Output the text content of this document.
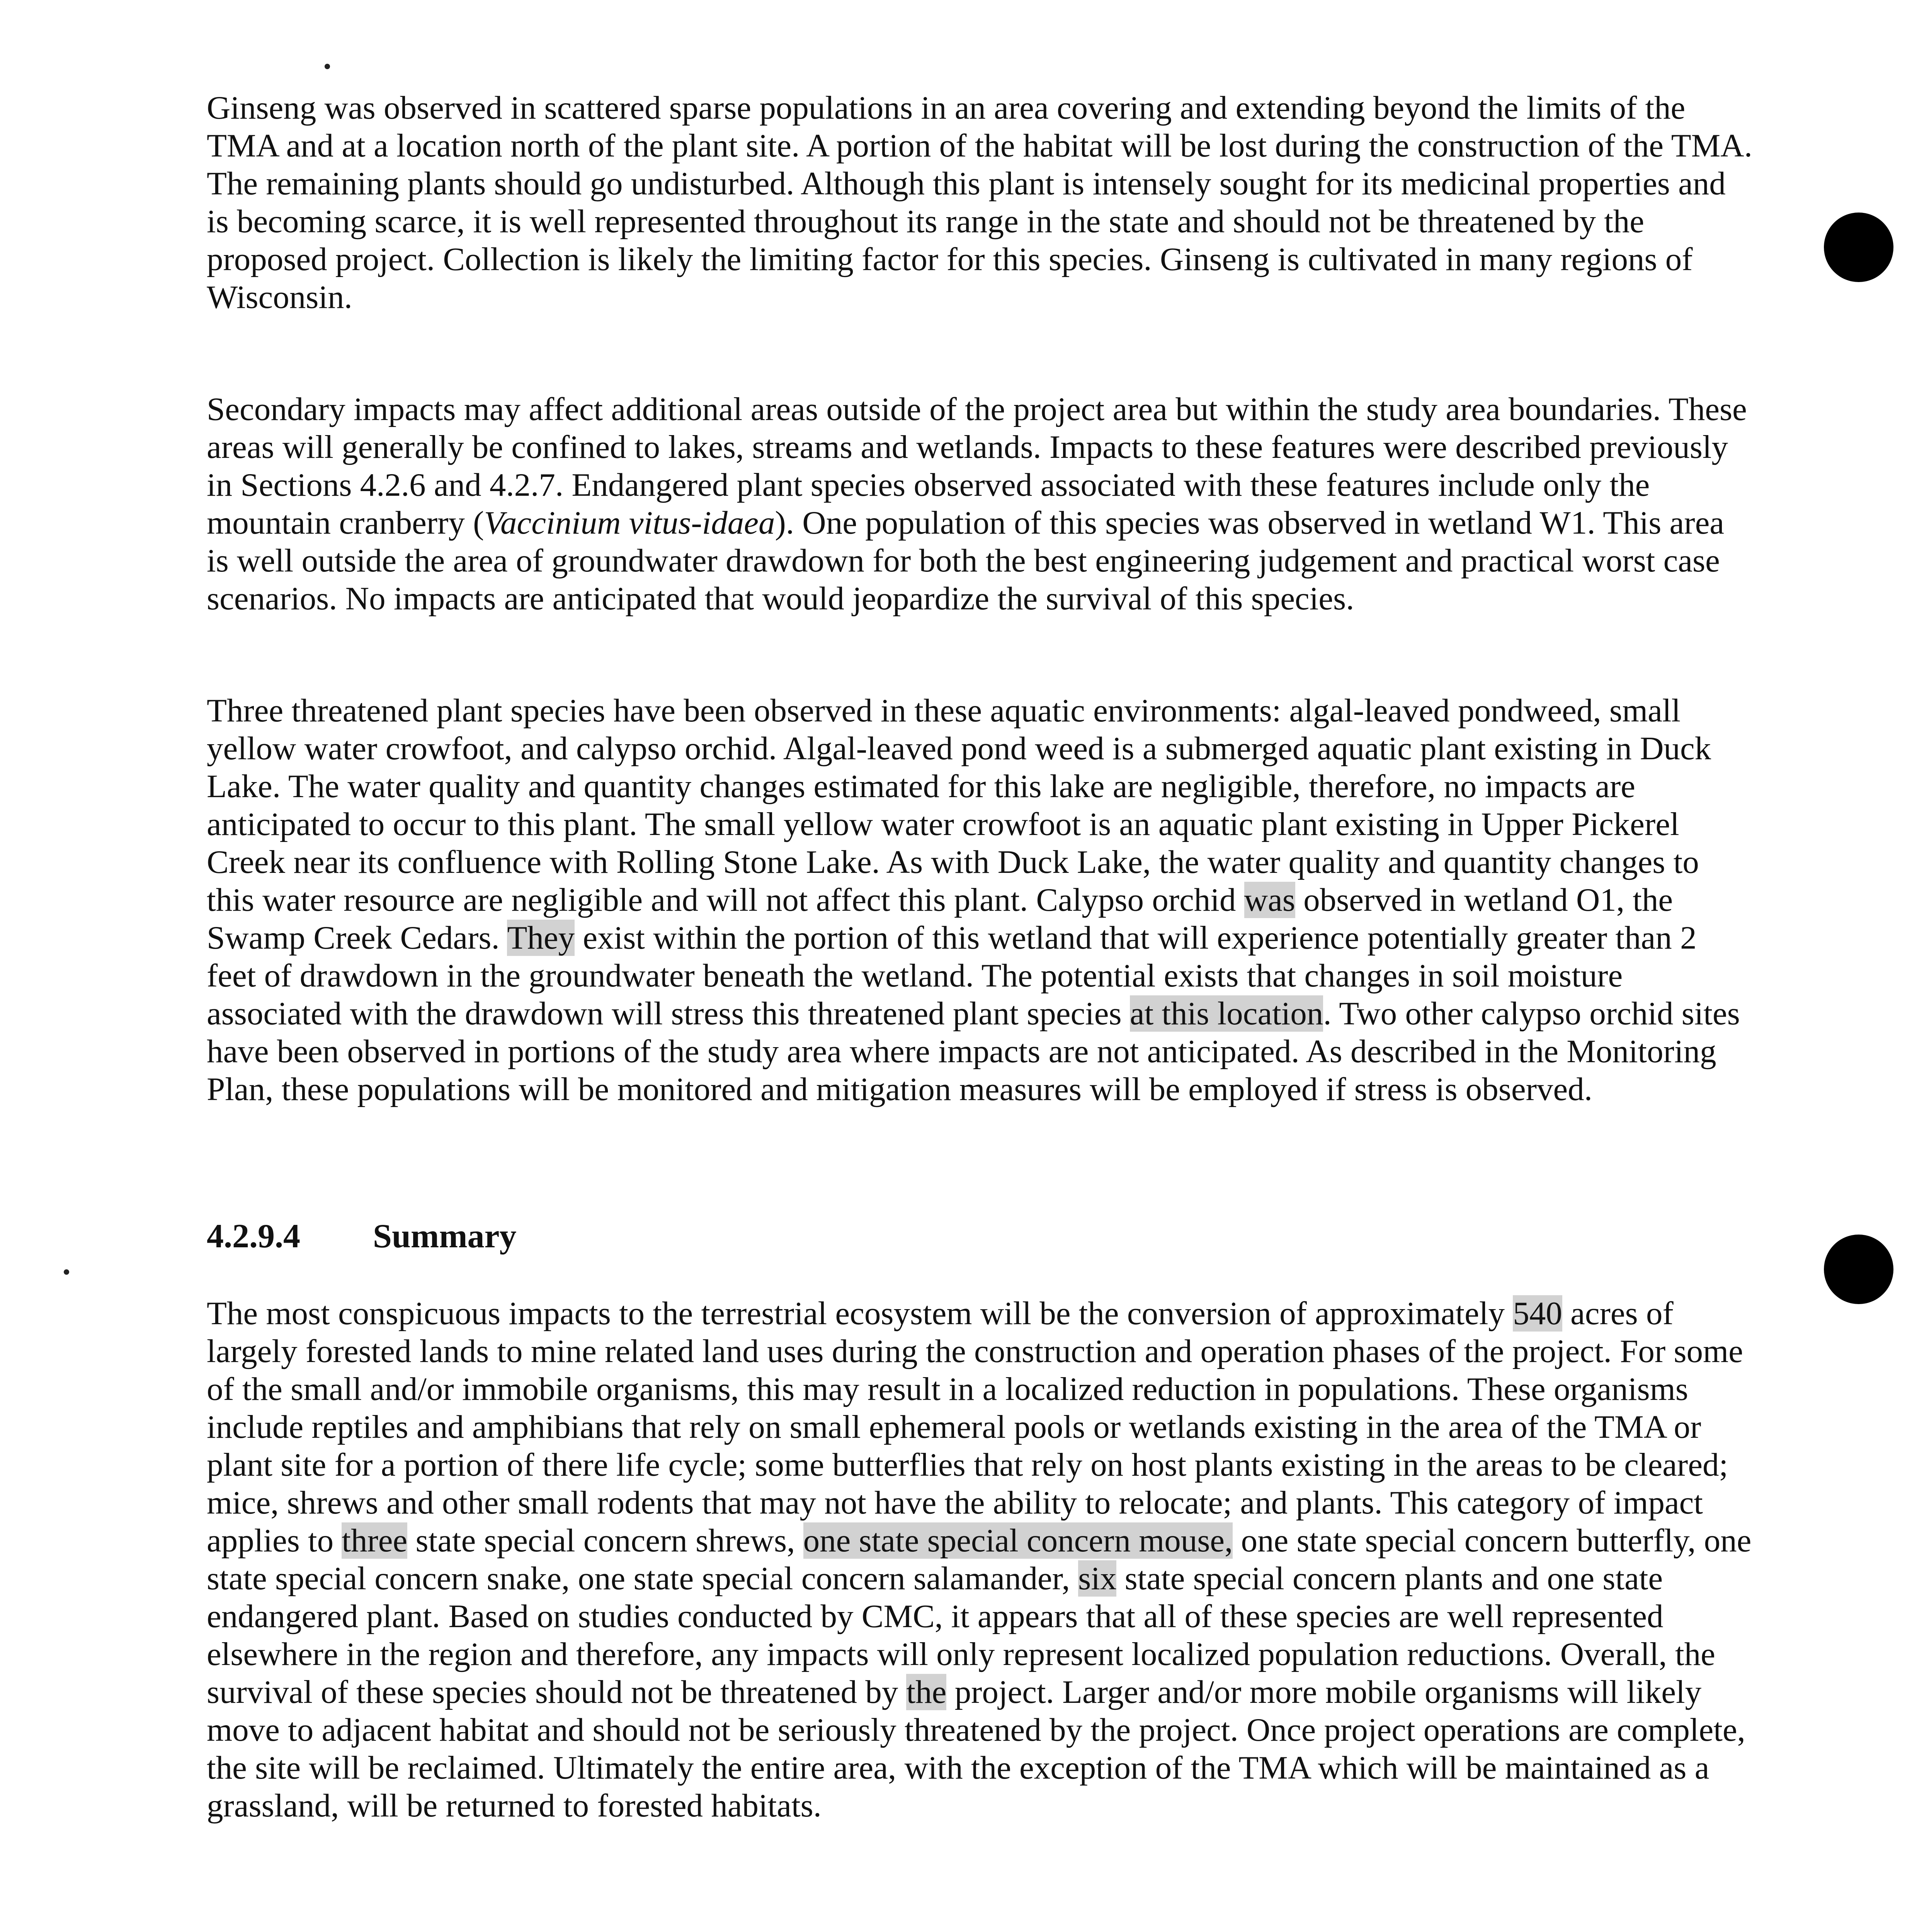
Ginseng was observed in scattered sparse populations in an area covering and extending beyond the limits of the TMA and at a location north of the plant site. A portion of the habitat will be lost during the construction of the TMA. The remaining plants should go undisturbed. Although this plant is intensely sought for its medicinal properties and is becoming scarce, it is well represented throughout its range in the state and should not be threatened by the proposed project. Collection is likely the limiting factor for this species. Ginseng is cultivated in many regions of Wisconsin.

Secondary impacts may affect additional areas outside of the project area but within the study area boundaries. These areas will generally be confined to lakes, streams and wetlands. Impacts to these features were described previously in Sections 4.2.6 and 4.2.7. Endangered plant species observed associated with these features include only the mountain cranberry (Vaccinium vitus-idaea). One population of this species was observed in wetland W1. This area is well outside the area of groundwater drawdown for both the best engineering judgement and practical worst case scenarios. No impacts are anticipated that would jeopardize the survival of this species.

Three threatened plant species have been observed in these aquatic environments: algal-leaved pondweed, small yellow water crowfoot, and calypso orchid. Algal-leaved pond weed is a submerged aquatic plant existing in Duck Lake. The water quality and quantity changes estimated for this lake are negligible, therefore, no impacts are anticipated to occur to this plant. The small yellow water crowfoot is an aquatic plant existing in Upper Pickerel Creek near its confluence with Rolling Stone Lake. As with Duck Lake, the water quality and quantity changes to this water resource are negligible and will not affect this plant. Calypso orchid was observed in wetland O1, the Swamp Creek Cedars. They exist within the portion of this wetland that will experience potentially greater than 2 feet of drawdown in the groundwater beneath the wetland. The potential exists that changes in soil moisture associated with the drawdown will stress this threatened plant species at this location. Two other calypso orchid sites have been observed in portions of the study area where impacts are not anticipated. As described in the Monitoring Plan, these populations will be monitored and mitigation measures will be employed if stress is observed.

4.2.9.4 Summary

The most conspicuous impacts to the terrestrial ecosystem will be the conversion of approximately 540 acres of largely forested lands to mine related land uses during the construction and operation phases of the project. For some of the small and/or immobile organisms, this may result in a localized reduction in populations. These organisms include reptiles and amphibians that rely on small ephemeral pools or wetlands existing in the area of the TMA or plant site for a portion of there life cycle; some butterflies that rely on host plants existing in the areas to be cleared; mice, shrews and other small rodents that may not have the ability to relocate; and plants. This category of impact applies to three state special concern shrews, one state special concern mouse, one state special concern butterfly, one state special concern snake, one state special concern salamander, six state special concern plants and one state endangered plant. Based on studies conducted by CMC, it appears that all of these species are well represented elsewhere in the region and therefore, any impacts will only represent localized population reductions. Overall, the survival of these species should not be threatened by the project. Larger and/or more mobile organisms will likely move to adjacent habitat and should not be seriously threatened by the project. Once project operations are complete, the site will be reclaimed. Ultimately the entire area, with the exception of the TMA which will be maintained as a grassland, will be returned to forested habitats.
